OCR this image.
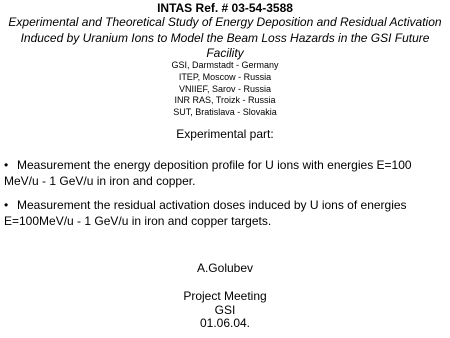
INTAS Ref. # 03-54-3588
Experimental and Theoretical Study of Energy Deposition and Residual Activation Induced by Uranium Ions to Model the Beam Loss Hazards in the GSI Future Facility
GSI, Darmstadt - Germany
ITEP, Moscow - Russia
VNIIEF, Sarov - Russia
INR RAS, Troizk - Russia
SUT, Bratislava - Slovakia
Experimental part:
• Measurement the energy deposition profile for U ions with energies E=100 MeV/u - 1 GeV/u in iron and copper.
• Measurement the residual activation doses induced by U ions of energies E=100MeV/u - 1 GeV/u in iron and copper targets.
A.Golubev
Project Meeting
GSI
01.06.04.
